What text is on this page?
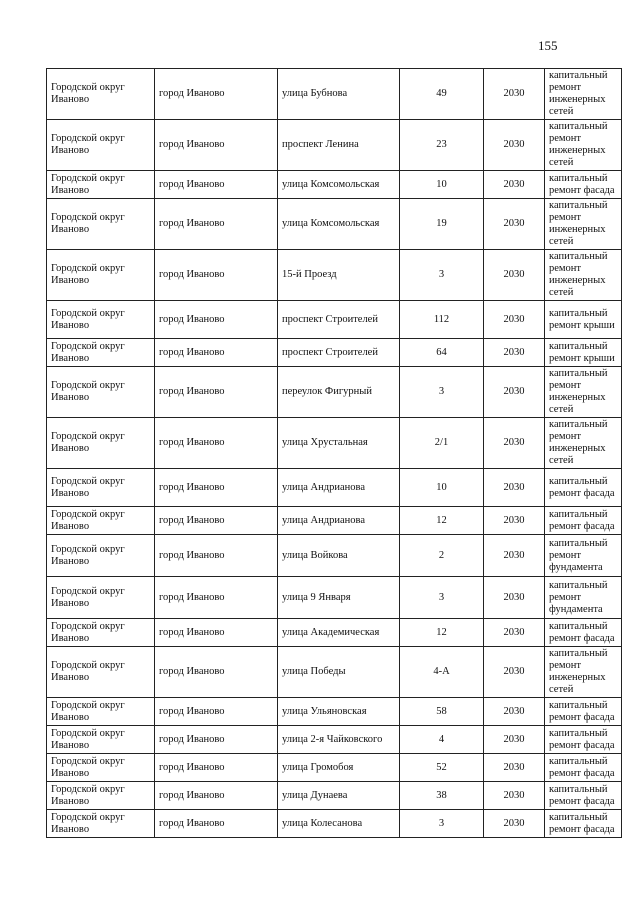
155
Городской округ Иваново	город Иваново	улица Бубнова	49	2030	капитальный ремонт инженерных сетей
Городской округ Иваново	город Иваново	проспект Ленина	23	2030	капитальный ремонт инженерных сетей
Городской округ Иваново	город Иваново	улица Комсомольская	10	2030	капитальный ремонт фасада
Городской округ Иваново	город Иваново	улица Комсомольская	19	2030	капитальный ремонт инженерных сетей
Городской округ Иваново	город Иваново	15-й Проезд	3	2030	капитальный ремонт инженерных сетей
Городской округ Иваново	город Иваново	проспект Строителей	112	2030	капитальный ремонт крыши
Городской округ Иваново	город Иваново	проспект Строителей	64	2030	капитальный ремонт крыши
Городской округ Иваново	город Иваново	переулок Фигурный	3	2030	капитальный ремонт инженерных сетей
Городской округ Иваново	город Иваново	улица Хрустальная	2/1	2030	капитальный ремонт инженерных сетей
Городской округ Иваново	город Иваново	улица Андрианова	10	2030	капитальный ремонт фасада
Городской округ Иваново	город Иваново	улица Андрианова	12	2030	капитальный ремонт фасада
Городской округ Иваново	город Иваново	улица Войкова	2	2030	капитальный ремонт фундамента
Городской округ Иваново	город Иваново	улица 9 Января	3	2030	капитальный ремонт фундамента
Городской округ Иваново	город Иваново	улица Академическая	12	2030	капитальный ремонт фасада
Городской округ Иваново	город Иваново	улица Победы	4-А	2030	капитальный ремонт инженерных сетей
Городской округ Иваново	город Иваново	улица Ульяновская	58	2030	капитальный ремонт фасада
Городской округ Иваново	город Иваново	улица 2-я Чайковского	4	2030	капитальный ремонт фасада
Городской округ Иваново	город Иваново	улица Громобоя	52	2030	капитальный ремонт фасада
Городской округ Иваново	город Иваново	улица Дунаева	38	2030	капитальный ремонт фасада
Городской округ Иваново	город Иваново	улица Колесанова	3	2030	капитальный ремонт фасада
